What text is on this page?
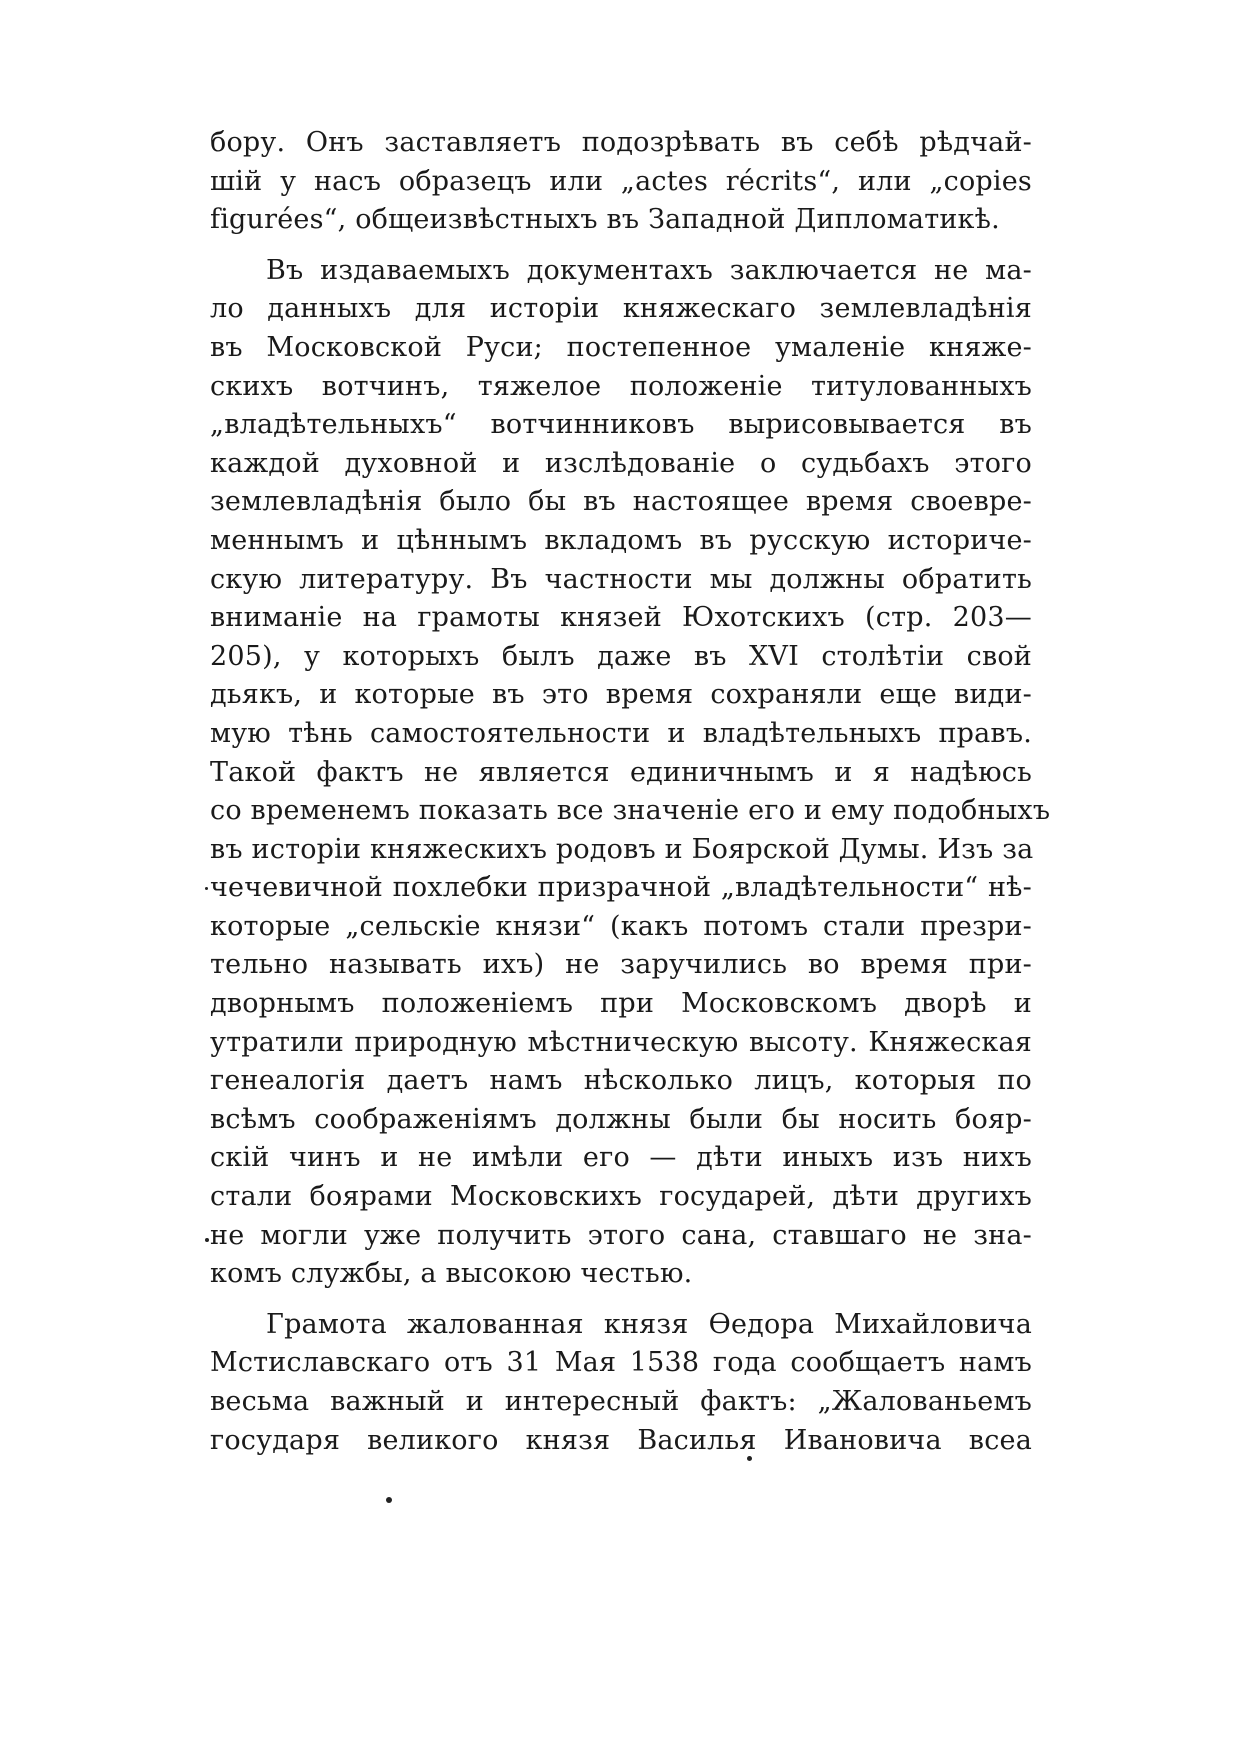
бору. Онъ заставляетъ подозрѣвать въ себѣ рѣдчай-
шій у насъ образецъ или „actes récrits“, или „copies
figurées“, общеизвѣстныхъ въ Западной Дипломатикѣ.
Въ издаваемыхъ документахъ заключается не ма-
ло данныхъ для исторіи княжескаго землевладѣнія
въ Московской Руси; постепенное умаленіе княже-
скихъ вотчинъ, тяжелое положеніе титулованныхъ
„владѣтельныхъ“ вотчинниковъ вырисовывается въ
каждой духовной и изслѣдованіе о судьбахъ этого
землевладѣнія было бы въ настоящее время своевре-
меннымъ и цѣннымъ вкладомъ въ русскую историче-
скую литературу. Въ частности мы должны обратить
вниманіе на грамоты князей Юхотскихъ (стр. 203—
205), у которыхъ былъ даже въ XVI столѣтіи свой
дьякъ, и которые въ это время сохраняли еще види-
мую тѣнь самостоятельности и владѣтельныхъ правъ.
Такой фактъ не является единичнымъ и я надѣюсь
со временемъ показать все значеніе его и ему подобныхъ
въ исторіи княжескихъ родовъ и Боярской Думы. Изъ за
чечевичной похлебки призрачной „владѣтельности“ нѣ-
которые „сельскіе князи“ (какъ потомъ стали презри-
тельно называть ихъ) не заручились во время при-
дворнымъ положеніемъ при Московскомъ дворѣ и
утратили природную мѣстническую высоту. Княжеская
генеалогія даетъ намъ нѣсколько лицъ, которыя по
всѣмъ соображеніямъ должны были бы носить бояр-
скій чинъ и не имѣли его — дѣти иныхъ изъ нихъ
стали боярами Московскихъ государей, дѣти другихъ
не могли уже получить этого сана, ставшаго не зна-
комъ службы, а высокою честью.
Грамота жалованная князя Ѳедора Михайловича
Мстиславскаго отъ 31 Мая 1538 года сообщаетъ намъ
весьма важный и интересный фактъ: „Жалованьемъ
государя великого князя Василья Ивановича всеа
